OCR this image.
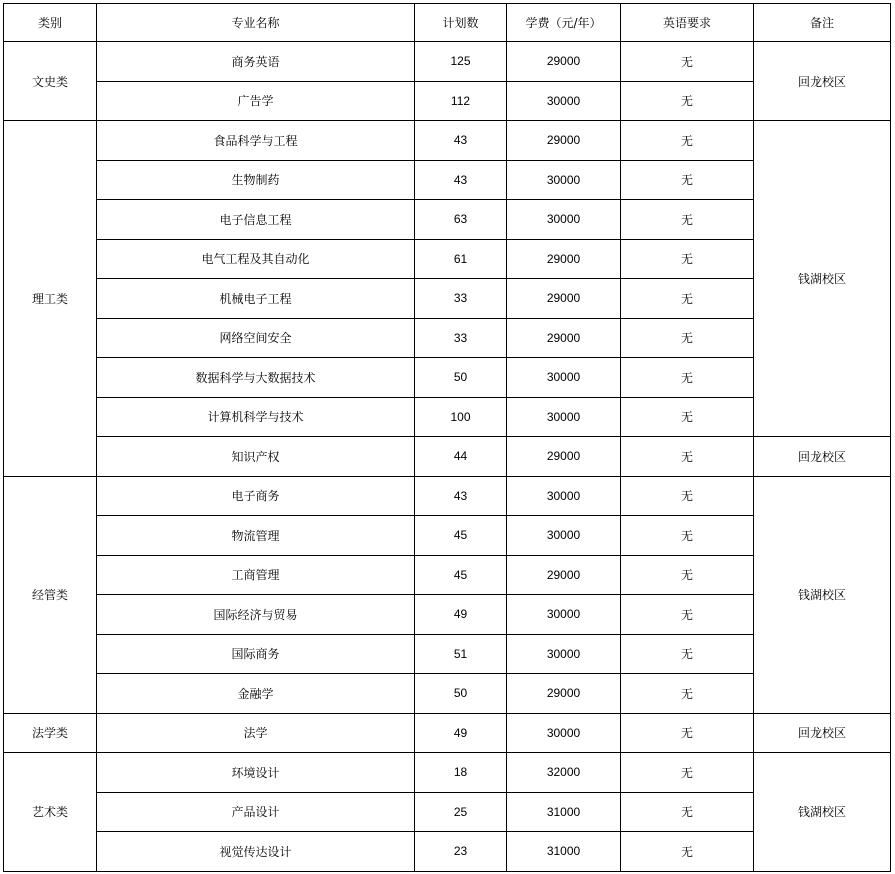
类别	专业名称	计划数	学费（元/年）	英语要求	备注
文史类	商务英语	125	29000	无	回龙校区
	广告学	112	30000	无	
理工类	食品科学与工程	43	29000	无	钱湖校区
	生物制药	43	30000	无	
	电子信息工程	63	30000	无	
	电气工程及其自动化	61	29000	无	
	机械电子工程	33	29000	无	
	网络空间安全	33	29000	无	
	数据科学与大数据技术	50	30000	无	
	计算机科学与技术	100	30000	无	
	知识产权	44	29000	无	回龙校区
经管类	电子商务	43	30000	无	钱湖校区
	物流管理	45	30000	无	
	工商管理	45	29000	无	
	国际经济与贸易	49	30000	无	
	国际商务	51	30000	无	
	金融学	50	29000	无	
法学类	法学	49	30000	无	回龙校区
艺术类	环境设计	18	32000	无	钱湖校区
	产品设计	25	31000	无	
	视觉传达设计	23	31000	无	
